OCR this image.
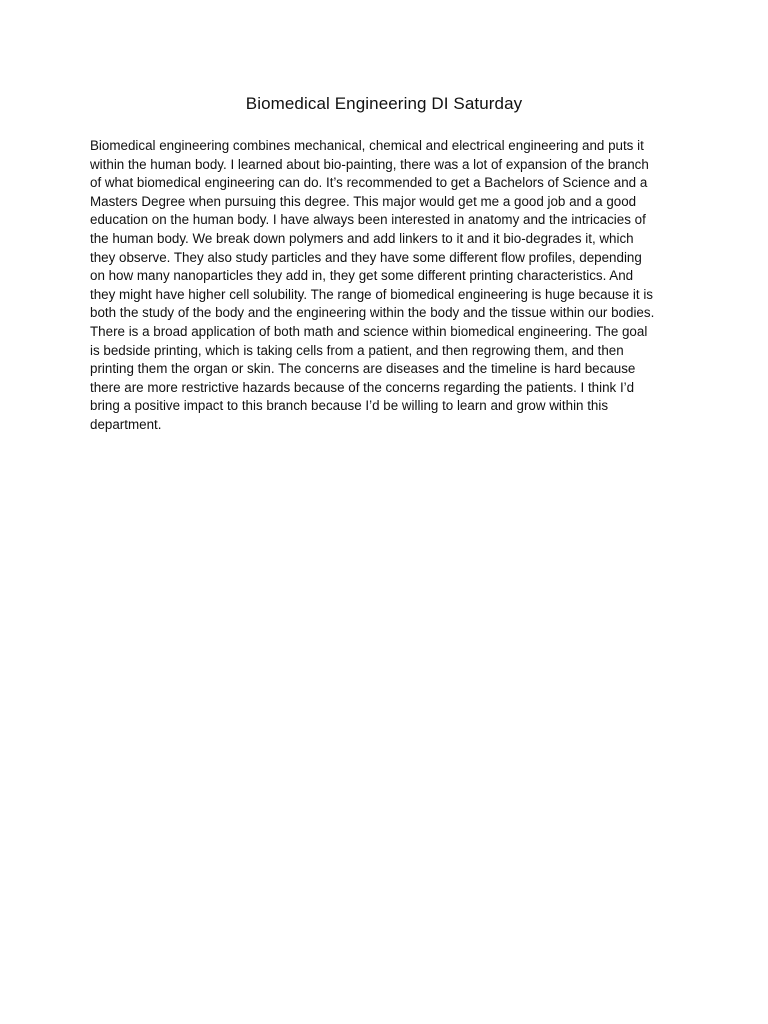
Biomedical Engineering DI Saturday

Biomedical engineering combines mechanical, chemical and electrical engineering and puts it
within the human body. I learned about bio-painting, there was a lot of expansion of the branch
of what biomedical engineering can do. It’s recommended to get a Bachelors of Science and a
Masters Degree when pursuing this degree. This major would get me a good job and a good
education on the human body. I have always been interested in anatomy and the intricacies of
the human body. We break down polymers and add linkers to it and it bio-degrades it, which
they observe. They also study particles and they have some different flow profiles, depending
on how many nanoparticles they add in, they get some different printing characteristics. And
they might have higher cell solubility. The range of biomedical engineering is huge because it is
both the study of the body and the engineering within the body and the tissue within our bodies.
There is a broad application of both math and science within biomedical engineering. The goal
is bedside printing, which is taking cells from a patient, and then regrowing them, and then
printing them the organ or skin. The concerns are diseases and the timeline is hard because
there are more restrictive hazards because of the concerns regarding the patients. I think I’d
bring a positive impact to this branch because I’d be willing to learn and grow within this
department.
